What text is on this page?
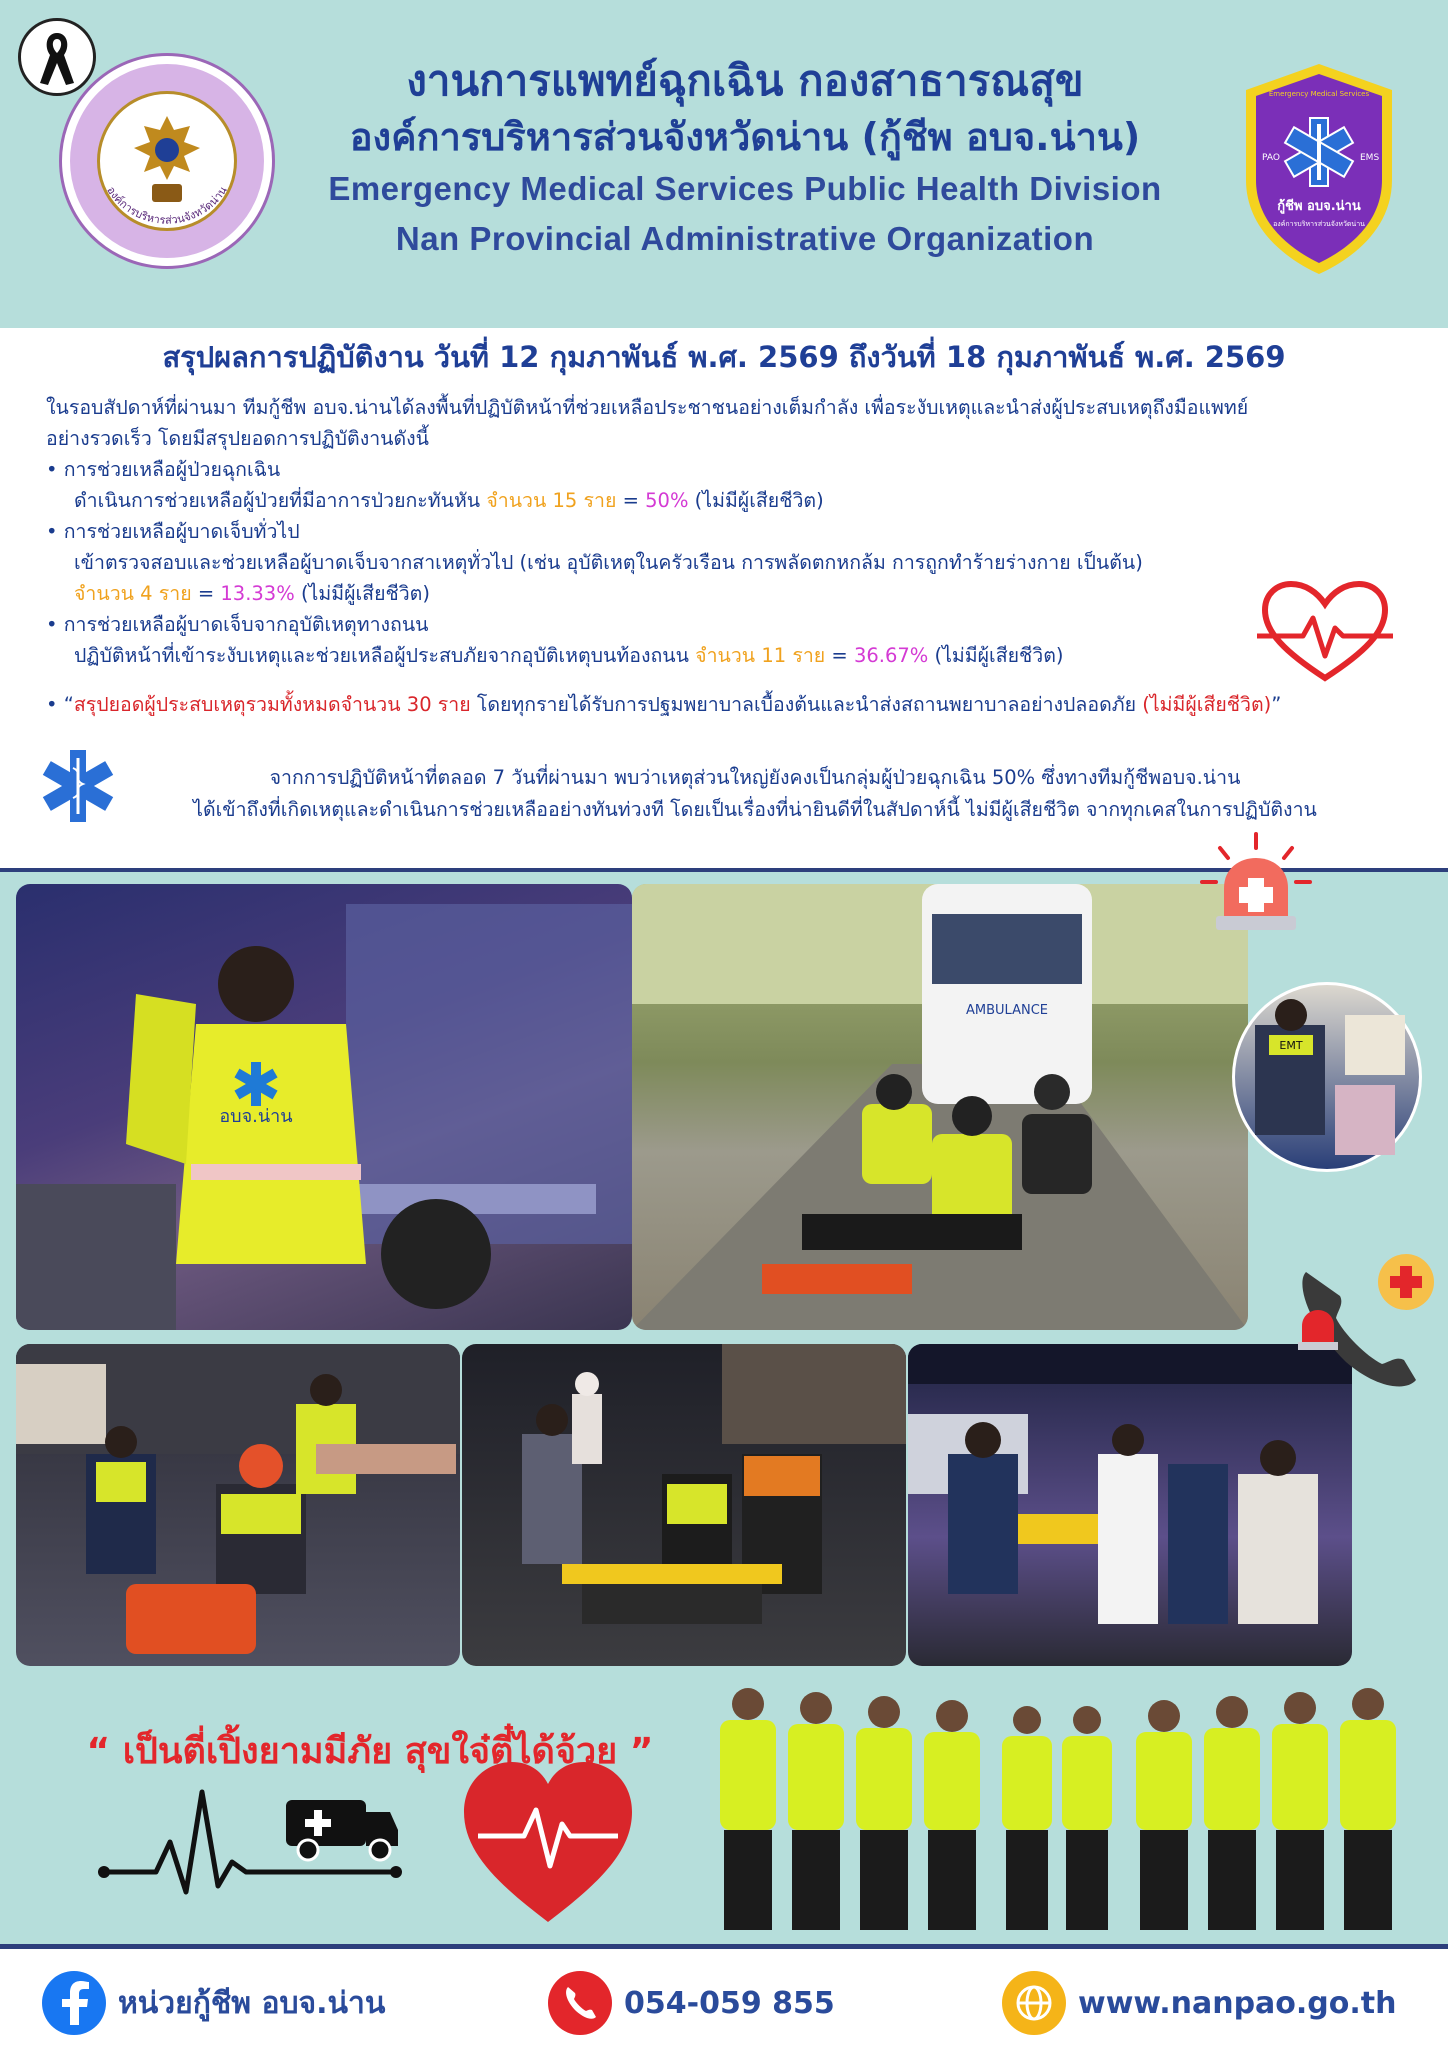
องค์การบริหารส่วนจังหวัดน่าน
งานการแพทย์ฉุกเฉิน กองสาธารณสุข
องค์การบริหารส่วนจังหวัดน่าน (กู้ชีพ อบจ.น่าน)
Emergency Medical Services Public Health Division
Nan Provincial Administrative Organization
PAO	EMS
Emergency Medical Services
กู้ชีพ อบจ.น่าน
องค์การบริหารส่วนจังหวัดน่าน
สรุปผลการปฏิบัติงาน วันที่ 12 กุมภาพันธ์ พ.ศ. 2569 ถึงวันที่ 18 กุมภาพันธ์ พ.ศ. 2569
ในรอบสัปดาห์ที่ผ่านมา ทีมกู้ชีพ อบจ.น่านได้ลงพื้นที่ปฏิบัติหน้าที่ช่วยเหลือประชาชนอย่างเต็มกำลัง เพื่อระงับเหตุและนำส่งผู้ประสบเหตุถึงมือแพทย์
อย่างรวดเร็ว โดยมีสรุปยอดการปฏิบัติงานดังนี้
• การช่วยเหลือผู้ป่วยฉุกเฉิน
ดำเนินการช่วยเหลือผู้ป่วยที่มีอาการป่วยกะทันหัน จำนวน 15 ราย = 50% (ไม่มีผู้เสียชีวิต)
• การช่วยเหลือผู้บาดเจ็บทั่วไป
เข้าตรวจสอบและช่วยเหลือผู้บาดเจ็บจากสาเหตุทั่วไป (เช่น อุบัติเหตุในครัวเรือน การพลัดตกหกล้ม การถูกทำร้ายร่างกาย เป็นต้น)
จำนวน 4 ราย = 13.33% (ไม่มีผู้เสียชีวิต)
• การช่วยเหลือผู้บาดเจ็บจากอุบัติเหตุทางถนน
ปฏิบัติหน้าที่เข้าระงับเหตุและช่วยเหลือผู้ประสบภัยจากอุบัติเหตุบนท้องถนน จำนวน 11 ราย = 36.67% (ไม่มีผู้เสียชีวิต)
• “สรุปยอดผู้ประสบเหตุรวมทั้งหมดจำนวน 30 ราย โดยทุกรายได้รับการปฐมพยาบาลเบื้องต้นและนำส่งสถานพยาบาลอย่างปลอดภัย (ไม่มีผู้เสียชีวิต)”
จากการปฏิบัติหน้าที่ตลอด 7 วันที่ผ่านมา พบว่าเหตุส่วนใหญ่ยังคงเป็นกลุ่มผู้ป่วยฉุกเฉิน 50% ซึ่งทางทีมกู้ชีพอบจ.น่าน
ได้เข้าถึงที่เกิดเหตุและดำเนินการช่วยเหลืออย่างทันท่วงที โดยเป็นเรื่องที่น่ายินดีที่ในสัปดาห์นี้ ไม่มีผู้เสียชีวิต จากทุกเคสในการปฏิบัติงาน
อบจ.น่าน
AMBULANCE
EMT
“ เป็นตี่เปิ้งยามมีภัย สุขใจ๋ตี๋ได้จ้วย ”
หน่วยกู้ชีพ อบจ.น่าน	054-059 855	www.nanpao.go.th
